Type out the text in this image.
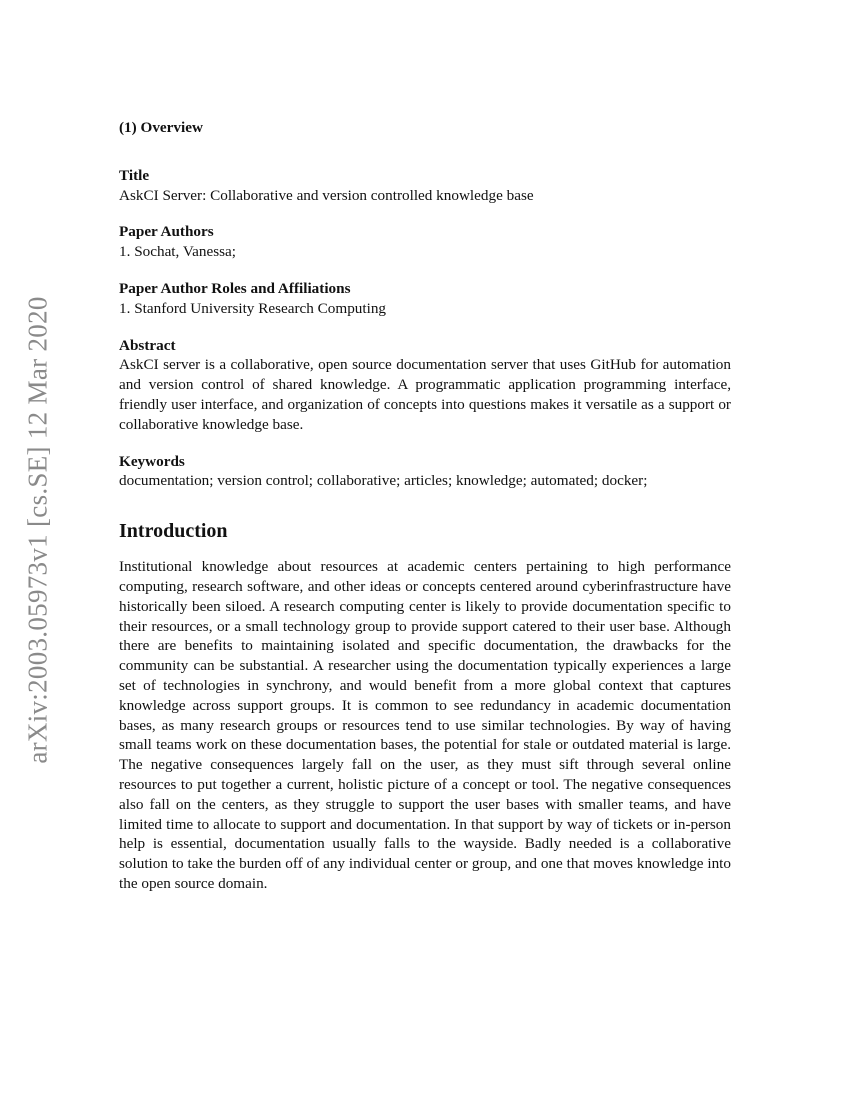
arXiv:2003.05973v1 [cs.SE] 12 Mar 2020
(1) Overview
Title

AskCI Server: Collaborative and version controlled knowledge base

Paper Authors

1. Sochat, Vanessa;

Paper Author Roles and Affiliations

1. Stanford University Research Computing

Abstract

AskCI server is a collaborative, open source documentation server that uses GitHub for automation and version control of shared knowledge. A programmatic application programming interface, friendly user interface, and organization of concepts into questions makes it versatile as a support or collaborative knowledge base.

Keywords

documentation; version control; collaborative; articles; knowledge; automated; docker;

Introduction

Institutional knowledge about resources at academic centers pertaining to high performance computing, research software, and other ideas or concepts centered around cyberinfrastructure have historically been siloed. A research computing center is likely to provide documentation specific to their resources, or a small technology group to provide support catered to their user base. Although there are benefits to maintaining isolated and specific documentation, the drawbacks for the community can be substantial. A researcher using the documentation typically experiences a large set of technologies in synchrony, and would benefit from a more global context that captures knowledge across support groups. It is common to see redundancy in academic documentation bases, as many research groups or resources tend to use similar technologies. By way of having small teams work on these documentation bases, the potential for stale or outdated material is large. The negative consequences largely fall on the user, as they must sift through several online resources to put together a current, holistic picture of a concept or tool. The negative consequences also fall on the centers, as they struggle to support the user bases with smaller teams, and have limited time to allocate to support and documentation. In that support by way of tickets or in-person help is essential, documentation usually falls to the wayside. Badly needed is a collaborative solution to take the burden off of any individual center or group, and one that moves knowledge into the open source domain.
